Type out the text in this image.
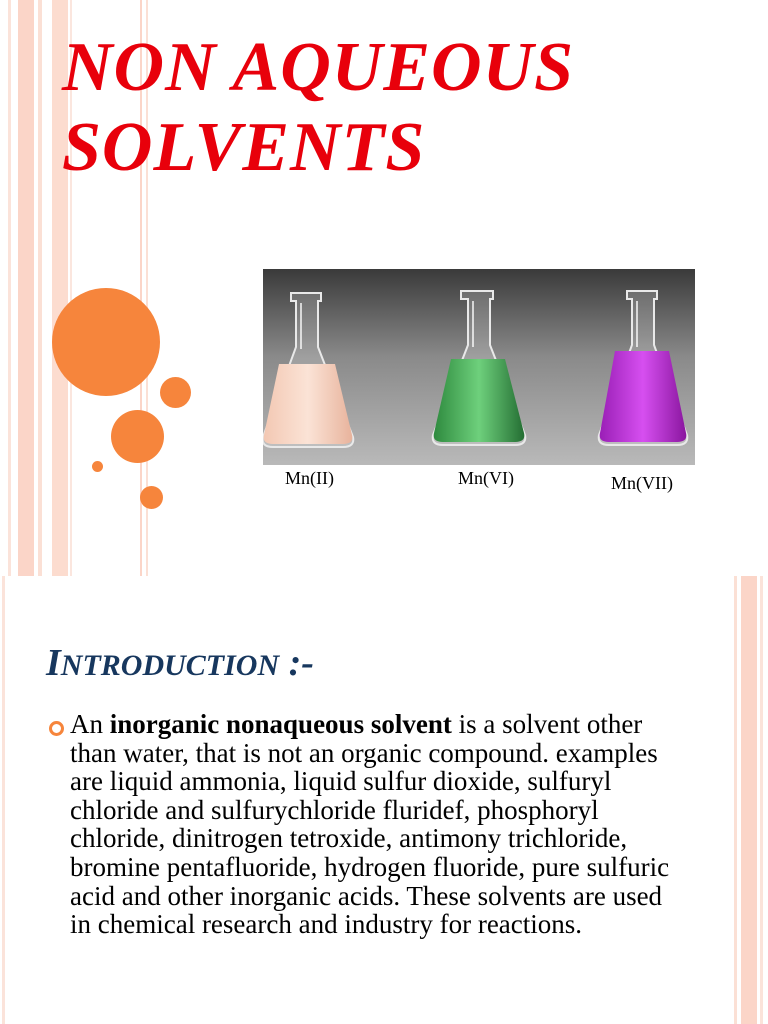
NON AQUEOUS
SOLVENTS
Mn(II)	Mn(VI)	Mn(VII)
INTRODUCTION :-

An inorganic nonaqueous solvent is a solvent other than water, that is not an organic compound. examples are liquid ammonia, liquid sulfur dioxide, sulfuryl chloride and sulfurychloride fluridef, phosphoryl chloride, dinitrogen tetroxide, antimony trichloride, bromine pentafluoride, hydrogen fluoride, pure sulfuric acid and other inorganic acids. These solvents are used in chemical research and industry for reactions.
